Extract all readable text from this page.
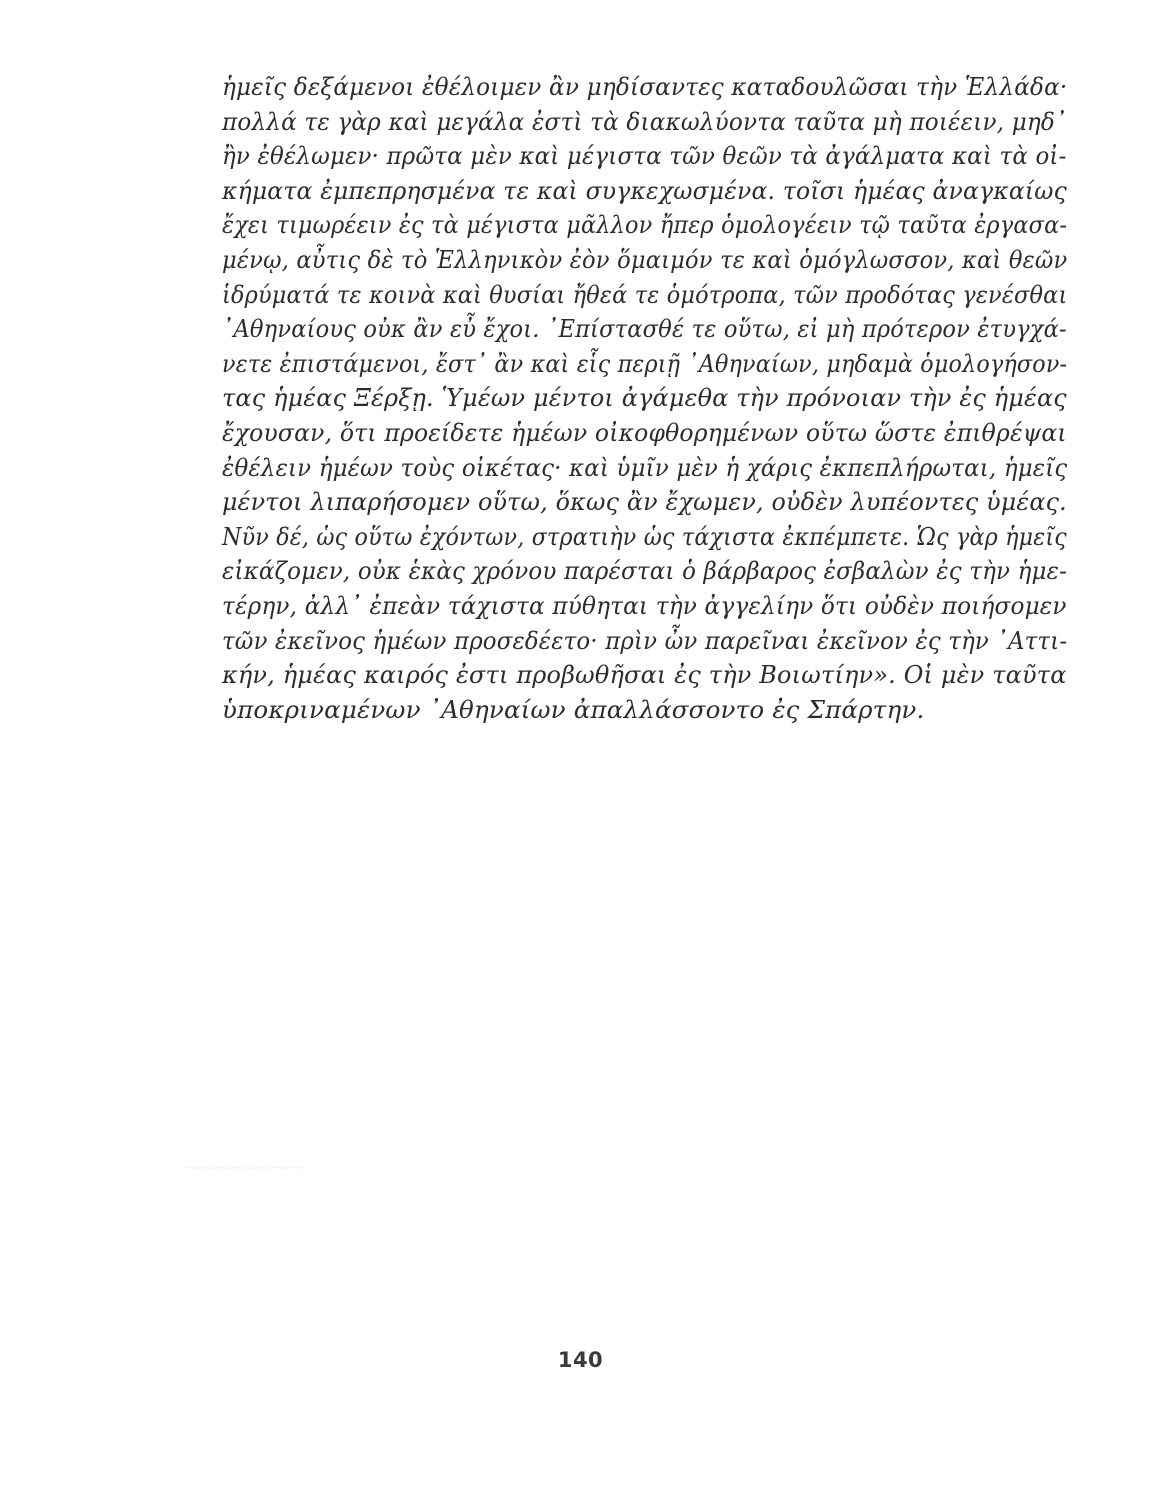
̃ ̃ ̃ ̃ ̃ ̃ ̃ ̃ ̃ ̃ ̃ ̃ ̃ ̃ ̃ ̃ ̃ ̃ ̃ ̃ ̃ ̃ ̃ ̃
ἡμεῖς δεξάμενοι ἐθέλοιμεν ἂν μηδίσαντες καταδουλῶσαι τὴν Ἑλλάδα·
πολλά τε γὰρ καὶ μεγάλα ἐστὶ τὰ διακωλύοντα ταῦτα μὴ ποιέειν, μηδ᾽
ἢν ἐθέλωμεν· πρῶτα μὲν καὶ μέγιστα τῶν θεῶν τὰ ἀγάλματα καὶ τὰ οἰ-
κήματα ἐμπεπρησμένα τε καὶ συγκεχωσμένα. τοῖσι ἡμέας ἀναγκαίως
ἔχει τιμωρέειν ἐς τὰ μέγιστα μᾶλλον ἤπερ ὁμολογέειν τῷ ταῦτα ἐργασα-
μένῳ, αὖτις δὲ τὸ Ἑλληνικὸν ἐὸν ὅμαιμόν τε καὶ ὁμόγλωσσον, καὶ θεῶν
ἱδρύματά τε κοινὰ καὶ θυσίαι ἤθεά τε ὁμότροπα, τῶν προδότας γενέσθαι
᾽Αθηναίους οὐκ ἂν εὖ ἔχοι. ᾽Επίστασθέ τε οὕτω, εἰ μὴ πρότερον ἐτυγχά-
νετε ἐπιστάμενοι, ἔστ᾽ ἂν καὶ εἷς περιῇ ᾽Αθηναίων, μηδαμὰ ὁμολογήσον-
τας ἡμέας Ξέρξῃ. Ὑμέων μέντοι ἀγάμεθα τὴν πρόνοιαν τὴν ἐς ἡμέας
ἔχουσαν, ὅτι προείδετε ἡμέων οἰκοφθορημένων οὕτω ὥστε ἐπιθρέψαι
ἐθέλειν ἡμέων τοὺς οἰκέτας· καὶ ὑμῖν μὲν ἡ χάρις ἐκπεπλήρωται, ἡμεῖς
μέντοι λιπαρήσομεν οὕτω, ὅκως ἂν ἔχωμεν, οὐδὲν λυπέοντες ὑμέας.
Νῦν δέ, ὡς οὕτω ἐχόντων, στρατιὴν ὡς τάχιστα ἐκπέμπετε. Ὡς γὰρ ἡμεῖς
εἰκάζομεν, οὐκ ἑκὰς χρόνου παρέσται ὁ βάρβαρος ἐσβαλὼν ἐς τὴν ἡμε-
τέρην, ἀλλ᾽ ἐπεὰν τάχιστα πύθηται τὴν ἀγγελίην ὅτι οὐδὲν ποιήσομεν
τῶν ἐκεῖνος ἡμέων προσεδέετο· πρὶν ὦν παρεῖναι ἐκεῖνον ἐς τὴν ᾽Αττι-
κήν, ἡμέας καιρός ἐστι προβωθῆσαι ἐς τὴν Βοιωτίην». Οἱ μὲν ταῦτα
ὑποκριναμένων ᾽Αθηναίων ἀπαλλάσσοντο ἐς Σπάρτην.
140
